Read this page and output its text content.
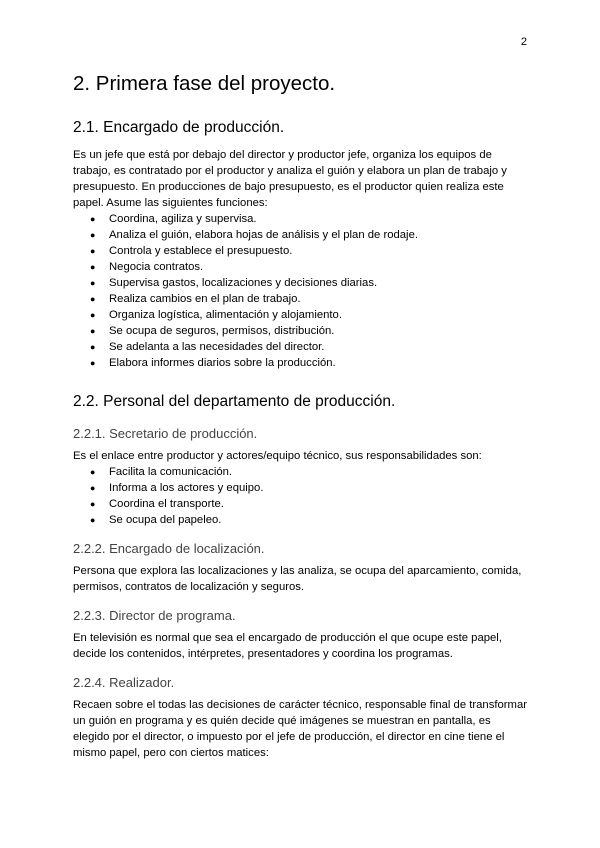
2
2. Primera fase del proyecto.
2.1. Encargado de producción.

Es un jefe que está por debajo del director y productor jefe, organiza los equipos de trabajo, es contratado por el productor y analiza el guión y elabora un plan de trabajo y presupuesto. En producciones de bajo presupuesto, es el productor quien realiza este papel. Asume las siguientes funciones:

● Coordina, agiliza y supervisa.
● Analiza el guión, elabora hojas de análisis y el plan de rodaje.
● Controla y establece el presupuesto.
● Negocia contratos.
● Supervisa gastos, localizaciones y decisiones diarias.
● Realiza cambios en el plan de trabajo.
● Organiza logística, alimentación y alojamiento.
● Se ocupa de seguros, permisos, distribución.
● Se adelanta a las necesidades del director.
● Elabora informes diarios sobre la producción.
2.2. Personal del departamento de producción.
2.2.1. Secretario de producción.

Es el enlace entre productor y actores/equipo técnico, sus responsabilidades son:

● Facilita la comunicación.
● Informa a los actores y equipo.
● Coordina el transporte.
● Se ocupa del papeleo.
2.2.2. Encargado de localización.

Persona que explora las localizaciones y las analiza, se ocupa del aparcamiento, comida, permisos, contratos de localización y seguros.

2.2.3. Director de programa.

En televisión es normal que sea el encargado de producción el que ocupe este papel, decide los contenidos, intérpretes, presentadores y coordina los programas.

2.2.4. Realizador.

Recaen sobre el todas las decisiones de carácter técnico, responsable final de transformar un guión en programa y es quién decide qué imágenes se muestran en pantalla, es elegido por el director, o impuesto por el jefe de producción, el director en cine tiene el mismo papel, pero con ciertos matices:
